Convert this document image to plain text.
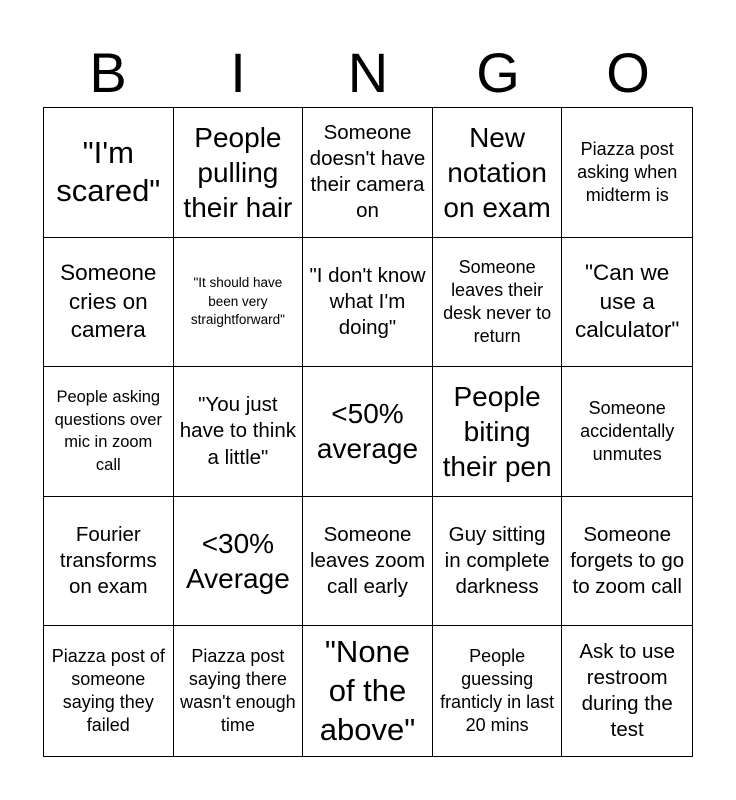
B	I	N	G	O
"I'm scared"
People pulling their hair
Someone doesn't have their camera on
New notation on exam
Piazza post asking when midterm is
Someone cries on camera
"It should have been very straightforward"
"I don't know what I'm doing"
Someone leaves their desk never to return
"Can we use a calculator"
People asking questions over mic in zoom call
"You just have to think a little"
<50% average
People biting their pen
Someone accidentally unmutes
Fourier transforms on exam
<30% Average
Someone leaves zoom call early
Guy sitting in complete darkness
Someone forgets to go to zoom call
Piazza post of someone saying they failed
Piazza post saying there wasn't enough time
"None of the above"
People guessing franticly in last 20 mins
Ask to use restroom during the test
